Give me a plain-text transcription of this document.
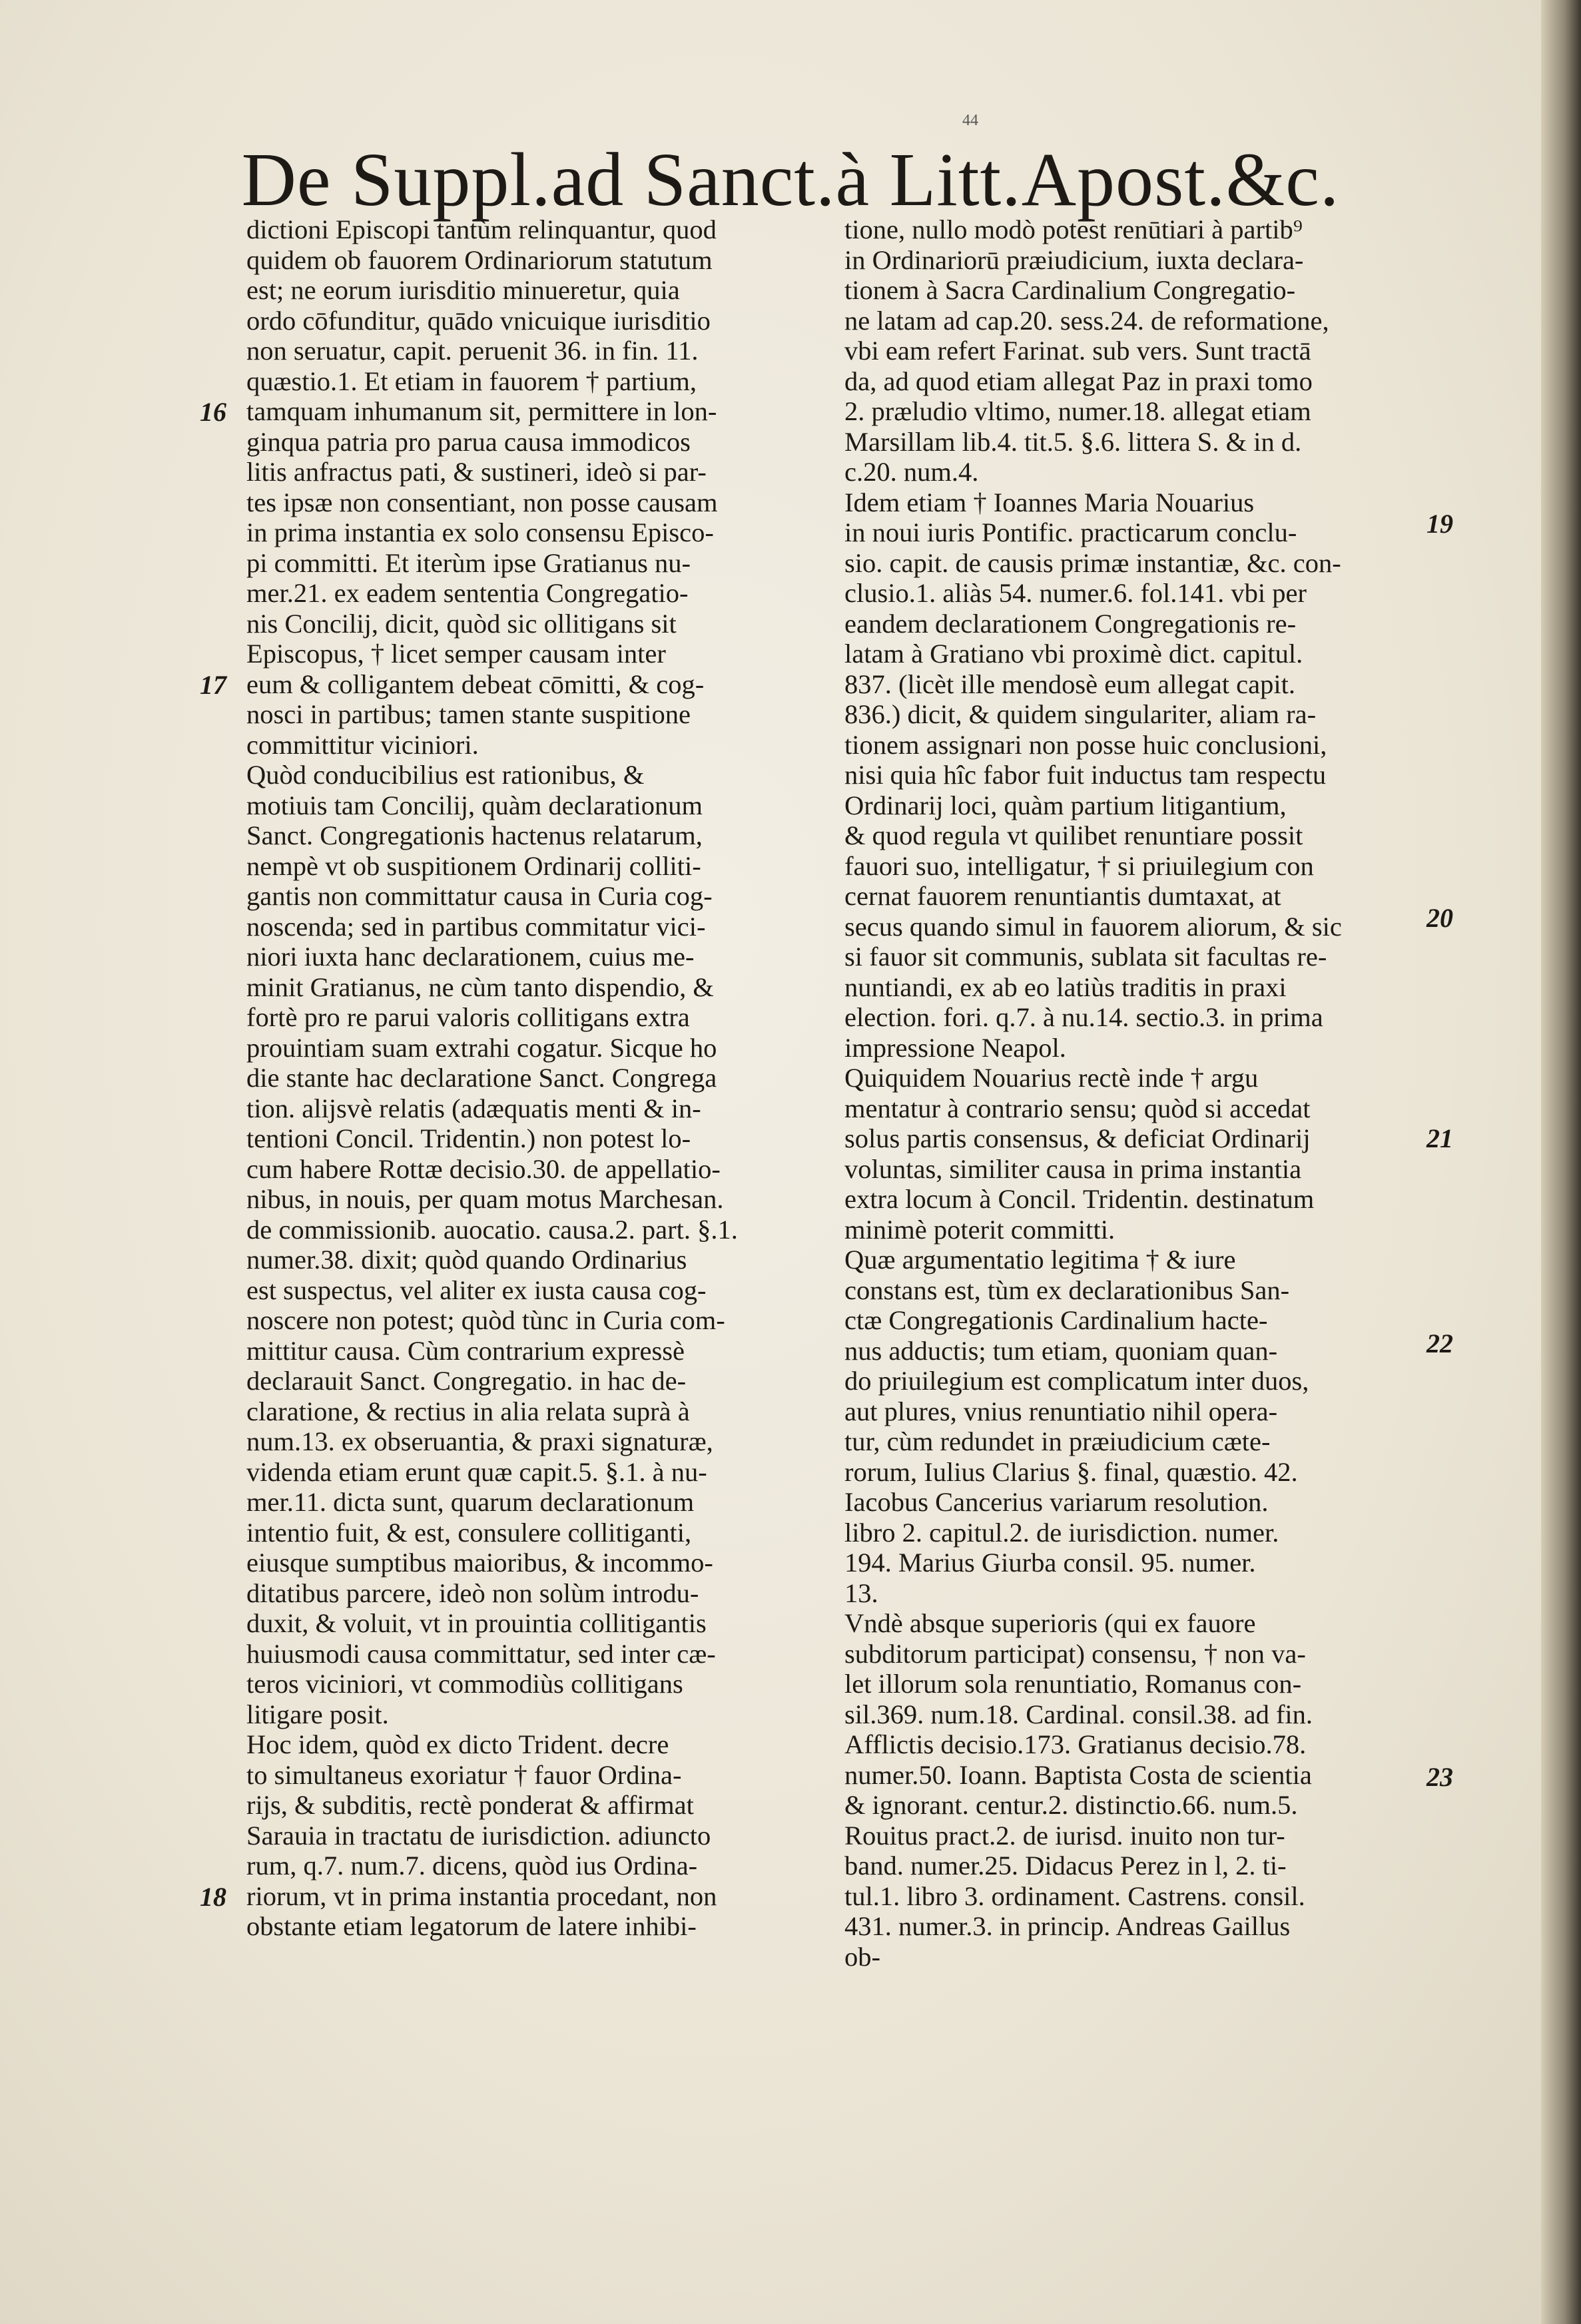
44
De Suppl.ad Sanct.à Litt.Apost.&c.
dictioni Episcopi tantùm relinquantur, quod
quidem ob fauorem Ordinariorum statutum
est; ne eorum iurisditio minueretur, quia
ordo cōfunditur, quādo vnicuique iurisditio
non seruatur, capit. peruenit 36. in fin. 11.
quæstio.1. Et etiam in fauorem † partium,
tamquam inhumanum sit, permittere in lon-
ginqua patria pro parua causa immodicos
litis anfractus pati, & sustineri, ideò si par-
tes ipsæ non consentiant, non posse causam
in prima instantia ex solo consensu Episco-
pi committi. Et iterùm ipse Gratianus nu-
mer.21. ex eadem sententia Congregatio-
nis Concilij, dicit, quòd sic ollitigans sit
Episcopus, † licet semper causam inter
eum & colligantem debeat cōmitti, & cog-
nosci in partibus; tamen stante suspitione
committitur viciniori.
Quòd conducibilius est rationibus, &
motiuis tam Concilij, quàm declarationum
Sanct. Congregationis hactenus relatarum,
nempè vt ob suspitionem Ordinarij colliti-
gantis non committatur causa in Curia cog-
noscenda; sed in partibus commitatur vici-
niori iuxta hanc declarationem, cuius me-
minit Gratianus, ne cùm tanto dispendio, &
fortè pro re parui valoris collitigans extra
prouintiam suam extrahi cogatur. Sicque ho
die stante hac declaratione Sanct. Congrega
tion. alijsvè relatis (adæquatis menti & in-
tentioni Concil. Tridentin.) non potest lo-
cum habere Rottæ decisio.30. de appellatio-
nibus, in nouis, per quam motus Marchesan.
de commissionib. auocatio. causa.2. part. §.1.
numer.38. dixit; quòd quando Ordinarius
est suspectus, vel aliter ex iusta causa cog-
noscere non potest; quòd tùnc in Curia com-
mittitur causa. Cùm contrarium expressè
declarauit Sanct. Congregatio. in hac de-
claratione, & rectius in alia relata suprà à
num.13. ex obseruantia, & praxi signaturæ,
videnda etiam erunt quæ capit.5. §.1. à nu-
mer.11. dicta sunt, quarum declarationum
intentio fuit, & est, consulere collitiganti,
eiusque sumptibus maioribus, & incommo-
ditatibus parcere, ideò non solùm introdu-
duxit, & voluit, vt in prouintia collitigantis
huiusmodi causa committatur, sed inter cæ-
teros viciniori, vt commodiùs collitigans
litigare posit.
Hoc idem, quòd ex dicto Trident. decre
to simultaneus exoriatur † fauor Ordina-
rijs, & subditis, rectè ponderat & affirmat
Sarauia in tractatu de iurisdiction. adiuncto
rum, q.7. num.7. dicens, quòd ius Ordina-
riorum, vt in prima instantia procedant, non
obstante etiam legatorum de latere inhibi-
tione, nullo modò potest renūtiari à partib⁹
in Ordinariorū præiudicium, iuxta declara-
tionem à Sacra Cardinalium Congregatio-
ne latam ad cap.20. sess.24. de reformatione,
vbi eam refert Farinat. sub vers. Sunt tractā
da, ad quod etiam allegat Paz in praxi tomo
2. præludio vltimo, numer.18. allegat etiam
Marsillam lib.4. tit.5. §.6. littera S. & in d.
c.20. num.4.
Idem etiam † Ioannes Maria Nouarius
in noui iuris Pontific. practicarum conclu-
sio. capit. de causis primæ instantiæ, &c. con-
clusio.1. aliàs 54. numer.6. fol.141. vbi per
eandem declarationem Congregationis re-
latam à Gratiano vbi proximè dict. capitul.
837. (licèt ille mendosè eum allegat capit.
836.) dicit, & quidem singulariter, aliam ra-
tionem assignari non posse huic conclusioni,
nisi quia hîc fabor fuit inductus tam respectu
Ordinarij loci, quàm partium litigantium,
& quod regula vt quilibet renuntiare possit
fauori suo, intelligatur, † si priuilegium con
cernat fauorem renuntiantis dumtaxat, at
secus quando simul in fauorem aliorum, & sic
si fauor sit communis, sublata sit facultas re-
nuntiandi, ex ab eo latiùs traditis in praxi
election. fori. q.7. à nu.14. sectio.3. in prima
impressione Neapol.
Quiquidem Nouarius rectè inde † argu
mentatur à contrario sensu; quòd si accedat
solus partis consensus, & deficiat Ordinarij
voluntas, similiter causa in prima instantia
extra locum à Concil. Tridentin. destinatum
minimè poterit committi.
Quæ argumentatio legitima † & iure
constans est, tùm ex declarationibus San-
ctæ Congregationis Cardinalium hacte-
nus adductis; tum etiam, quoniam quan-
do priuilegium est complicatum inter duos,
aut plures, vnius renuntiatio nihil opera-
tur, cùm redundet in præiudicium cæte-
rorum, Iulius Clarius §. final, quæstio. 42.
Iacobus Cancerius variarum resolution.
libro 2. capitul.2. de iurisdiction. numer.
194. Marius Giurba consil. 95. numer.
13.
Vndè absque superioris (qui ex fauore
subditorum participat) consensu, † non va-
let illorum sola renuntiatio, Romanus con-
sil.369. num.18. Cardinal. consil.38. ad fin.
Afflictis decisio.173. Gratianus decisio.78.
numer.50. Ioann. Baptista Costa de scientia
& ignorant. centur.2. distinctio.66. num.5.
Rouitus pract.2. de iurisd. inuito non tur-
band. numer.25. Didacus Perez in l, 2. ti-
tul.1. libro 3. ordinament. Castrens. consil.
431. numer.3. in princip. Andreas Gaillus
ob-
16
17
18
19
20
21
22
23
